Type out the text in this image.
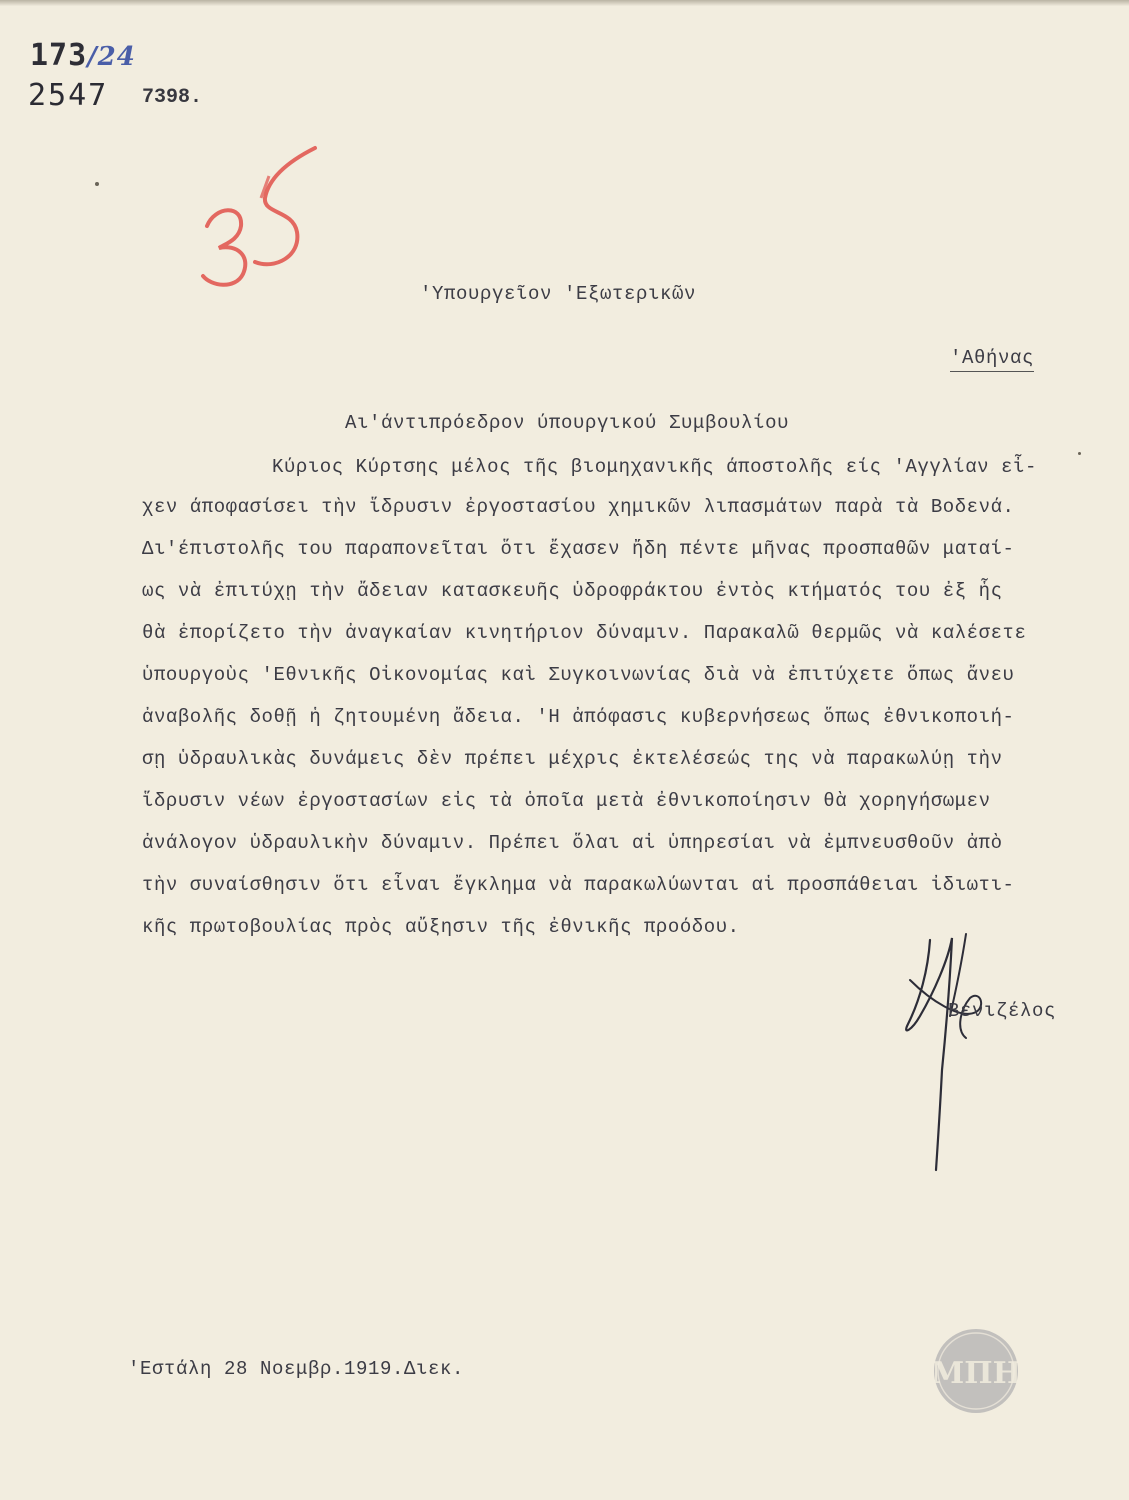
173/24
2547 7398.
'Υπουργεῖον 'Εξωτερικῶν
'Αθήνας
Αι'άντιπρόεδρον ύπουργικού Συμβουλίου
Κύριος Κύρτσης μέλος τῆς βιομηχανικῆς άποστολῆς είς 'Αγγλίαν εἶ-
χεν άποφασίσει τὴν ἵδρυσιν ἐργοστασίου χημικῶν λιπασμάτων παρὰ τὰ Βοδενά.
Δι'έπιστολῆς του παραπονεῖται ὅτι ἔχασεν ἤδη πέντε μῆνας προσπαθῶν ματαί-
ως νὰ ἐπιτύχῃ τὴν ἄδειαν κατασκευῆς ὑδροφράκτου ἐντὸς κτήματός του ἐξ ἧς
θὰ ἐπορίζετο τὴν ἀναγκαίαν κινητήριον δύναμιν. Παρακαλῶ θερμῶς νὰ καλέσετε
ὑπουργοὺς 'Εθνικῆς Οἰκονομίας καὶ Συγκοινωνίας διὰ νὰ ἐπιτύχετε ὅπως ἄνευ
ἀναβολῆς δοθῇ ἡ ζητουμένη ἄδεια. 'Η ἀπόφασις κυβερνήσεως ὅπως ἐθνικοποιή-
σῃ ὑδραυλικὰς δυνάμεις δὲν πρέπει μέχρις ἐκτελέσεώς της νὰ παρακωλύῃ τὴν
ἵδρυσιν νέων ἐργοστασίων εἰς τὰ ὁποῖα μετὰ ἐθνικοποίησιν θὰ χορηγήσωμεν
ἀνάλογον ὑδραυλικὴν δύναμιν. Πρέπει ὅλαι αἱ ὑπηρεσίαι νὰ ἐμπνευσθοῦν ἀπὸ
τὴν συναίσθησιν ὅτι εἶναι ἔγκλημα νὰ παρακωλύωνται αἱ προσπάθειαι ἰδιωτι-
κῆς πρωτοβουλίας πρὸς αὔξησιν τῆς ἐθνικῆς προόδου.
Βενιζέλος
'Εστάλη 28 Νοεμβρ.1919.Διεκ.	ΜΠΗ
